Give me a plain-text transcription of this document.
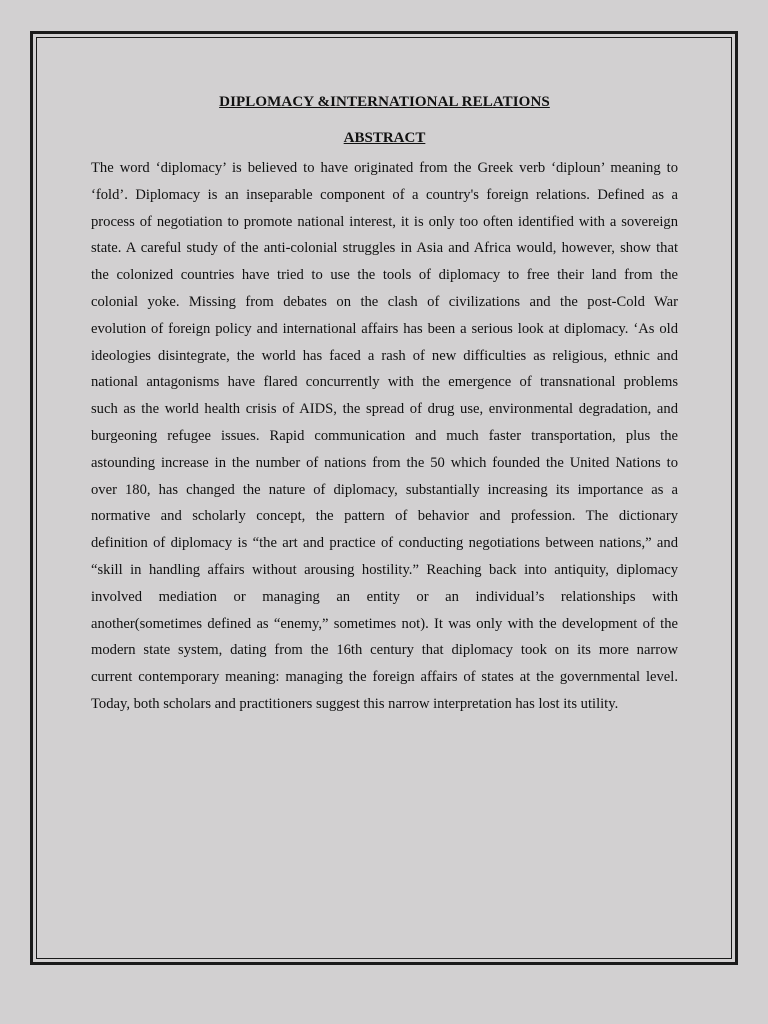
DIPLOMACY &INTERNATIONAL RELATIONS
ABSTRACT
The word ‘diplomacy’ is believed to have originated from the Greek verb ‘diploun’ meaning to
‘fold’. Diplomacy is an inseparable component of a country's foreign relations. Defined as a
process of negotiation to promote national interest, it is only too often identified with a sovereign
state. A careful study of the anti-colonial struggles in Asia and Africa would, however, show that
the colonized countries have tried to use the tools of diplomacy to free their land from the
colonial yoke. Missing from debates on the clash of civilizations and the post-Cold War
evolution of foreign policy and international affairs has been a serious look at diplomacy. ‘As old
ideologies disintegrate, the world has faced a rash of new difficulties as religious, ethnic and
national antagonisms have flared concurrently with the emergence of transnational problems
such as the world health crisis of AIDS, the spread of drug use, environmental degradation, and
burgeoning refugee issues. Rapid communication and much faster transportation, plus the
astounding increase in the number of nations from the 50 which founded the United Nations to
over 180, has changed the nature of diplomacy, substantially increasing its importance as a
normative and scholarly concept, the pattern of behavior and profession. The dictionary
definition of diplomacy is “the art and practice of conducting negotiations between nations,” and
“skill in handling affairs without arousing hostility.” Reaching back into antiquity, diplomacy
involved mediation or managing an entity or an individual’s relationships with
another(sometimes defined as “enemy,” sometimes not). It was only with the development of the
modern state system, dating from the 16th century that diplomacy took on its more narrow
current contemporary meaning: managing the foreign affairs of states at the governmental level.
Today, both scholars and practitioners suggest this narrow interpretation has lost its utility.
